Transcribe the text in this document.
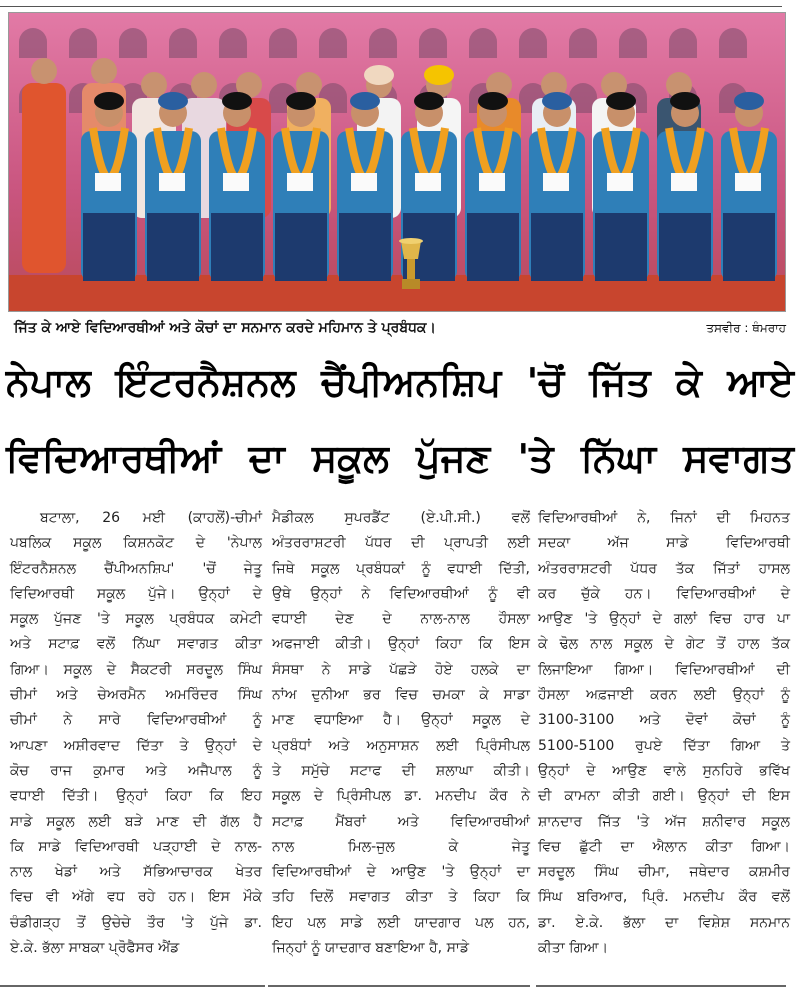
ਤਸਵੀਰ : ਥੰਮਰਾਹ
ਜਿੱਤ ਕੇ ਆਏ ਵਿਦਿਆਰਥੀਆਂ ਅਤੇ ਕੋਚਾਂ ਦਾ ਸਨਮਾਨ ਕਰਦੇ ਮਹਿਮਾਨ ਤੇ ਪ੍ਰਬੰਧਕ।
ਨੇਪਾਲ ਇੰਟਰਨੈਸ਼ਨਲ ਚੈਂਪੀਅਨਸ਼ਿਪ 'ਚੋਂ ਜਿੱਤ ਕੇ ਆਏ
ਵਿਦਿਆਰਥੀਆਂ ਦਾ ਸਕੂਲ ਪੁੱਜਣ 'ਤੇ ਨਿੱਘਾ ਸਵਾਗਤ
ਬਟਾਲਾ, 26 ਮਈ (ਕਾਹਲੋਂ)-ਚੀਮਾਂ
ਪਬਲਿਕ ਸਕੂਲ ਕਿਸ਼ਨਕੋਟ ਦੇ 'ਨੇਪਾਲ
ਇੰਟਰਨੈਸ਼ਨਲ ਚੈਂਪੀਅਨਸ਼ਿਪ' 'ਚੋਂ ਜੇਤੂ
ਵਿਦਿਆਰਥੀ ਸਕੂਲ ਪੁੱਜੇ। ਉਨ੍ਹਾਂ ਦੇ
ਸਕੂਲ ਪੁੱਜਣ 'ਤੇ ਸਕੂਲ ਪ੍ਰਬੰਧਕ ਕਮੇਟੀ
ਅਤੇ ਸਟਾਫ਼ ਵਲੋਂ ਨਿੱਘਾ ਸਵਾਗਤ ਕੀਤਾ
ਗਿਆ। ਸਕੂਲ ਦੇ ਸੈਕਟਰੀ ਸਰਦੂਲ ਸਿੰਘ
ਚੀਮਾਂ ਅਤੇ ਚੇਅਰਮੈਨ ਅਮਰਿੰਦਰ ਸਿੰਘ
ਚੀਮਾਂ ਨੇ ਸਾਰੇ ਵਿਦਿਆਰਥੀਆਂ ਨੂੰ
ਆਪਣਾ ਅਸ਼ੀਰਵਾਦ ਦਿੱਤਾ ਤੇ ਉਨ੍ਹਾਂ ਦੇ
ਕੋਚ ਰਾਜ ਕੁਮਾਰ ਅਤੇ ਅਜੈਪਾਲ ਨੂੰ
ਵਧਾਈ ਦਿੱਤੀ। ਉਨ੍ਹਾਂ ਕਿਹਾ ਕਿ ਇਹ
ਸਾਡੇ ਸਕੂਲ ਲਈ ਬੜੇ ਮਾਣ ਦੀ ਗੱਲ ਹੈ
ਕਿ ਸਾਡੇ ਵਿਦਿਆਰਥੀ ਪੜ੍ਹਾਈ ਦੇ ਨਾਲ-
ਨਾਲ ਖੇਡਾਂ ਅਤੇ ਸੱਭਿਆਚਾਰਕ ਖੇਤਰ
ਵਿਚ ਵੀ ਅੱਗੇ ਵਧ ਰਹੇ ਹਨ। ਇਸ ਮੌਕੇ
ਚੰਡੀਗੜ੍ਹ ਤੋਂ ਉਚੇਚੇ ਤੌਰ 'ਤੇ ਪੁੱਜੇ ਡਾ.
ਏ.ਕੇ. ਭੱਲਾ ਸਾਬਕਾ ਪ੍ਰੋਫੈਸਰ ਐਂਡ
ਮੈਡੀਕਲ ਸੁਪਰਡੈਂਟ (ਏ.ਪੀ.ਸੀ.) ਵਲੋਂ
ਅੰਤਰਰਾਸ਼ਟਰੀ ਪੱਧਰ ਦੀ ਪ੍ਰਾਪਤੀ ਲਈ
ਜਿਥੇ ਸਕੂਲ ਪ੍ਰਬੰਧਕਾਂ ਨੂੰ ਵਧਾਈ ਦਿੱਤੀ,
ਉਥੇ ਉਨ੍ਹਾਂ ਨੇ ਵਿਦਿਆਰਥੀਆਂ ਨੂੰ ਵੀ
ਵਧਾਈ ਦੇਣ ਦੇ ਨਾਲ-ਨਾਲ ਹੌਸਲਾ
ਅਫਜਾਈ ਕੀਤੀ। ਉਨ੍ਹਾਂ ਕਿਹਾ ਕਿ ਇਸ
ਸੰਸਥਾ ਨੇ ਸਾਡੇ ਪੱਛੜੇ ਹੋਏ ਹਲਕੇ ਦਾ
ਨਾਂਅ ਦੁਨੀਆ ਭਰ ਵਿਚ ਚਮਕਾ ਕੇ ਸਾਡਾ
ਮਾਣ ਵਧਾਇਆ ਹੈ। ਉਨ੍ਹਾਂ ਸਕੂਲ ਦੇ
ਪ੍ਰਬੰਧਾਂ ਅਤੇ ਅਨੁਸਾਸ਼ਨ ਲਈ ਪ੍ਰਿੰਸੀਪਲ
ਤੇ ਸਮੁੱਚੇ ਸਟਾਫ ਦੀ ਸ਼ਲਾਘਾ ਕੀਤੀ।
ਸਕੂਲ ਦੇ ਪ੍ਰਿੰਸੀਪਲ ਡਾ. ਮਨਦੀਪ ਕੌਰ ਨੇ
ਸਟਾਫ਼ ਮੈਂਬਰਾਂ ਅਤੇ ਵਿਦਿਆਰਥੀਆਂ
ਨਾਲ ਮਿਲ-ਜੁਲ ਕੇ ਜੇਤੂ
ਵਿਦਿਆਰਥੀਆਂ ਦੇ ਆਉਣ 'ਤੇ ਉਨ੍ਹਾਂ ਦਾ
ਤਹਿ ਦਿਲੋਂ ਸਵਾਗਤ ਕੀਤਾ ਤੇ ਕਿਹਾ ਕਿ
ਇਹ ਪਲ ਸਾਡੇ ਲਈ ਯਾਦਗਾਰ ਪਲ ਹਨ,
ਜਿਨ੍ਹਾਂ ਨੂੰ ਯਾਦਗਾਰ ਬਣਾਇਆ ਹੈ, ਸਾਡੇ
ਵਿਦਿਆਰਥੀਆਂ ਨੇ, ਜਿਨਾਂ ਦੀ ਮਿਹਨਤ
ਸਦਕਾ ਅੱਜ ਸਾਡੇ ਵਿਦਿਆਰਥੀ
ਅੰਤਰਰਾਸ਼ਟਰੀ ਪੱਧਰ ਤੱਕ ਜਿੱਤਾਂ ਹਾਸਲ
ਕਰ ਚੁੱਕੇ ਹਨ। ਵਿਦਿਆਰਥੀਆਂ ਦੇ
ਆਉਣ 'ਤੇ ਉਨ੍ਹਾਂ ਦੇ ਗਲਾਂ ਵਿਚ ਹਾਰ ਪਾ
ਕੇ ਢੋਲ ਨਾਲ ਸਕੂਲ ਦੇ ਗੇਟ ਤੋਂ ਹਾਲ ਤੱਕ
ਲਿਜਾਇਆ ਗਿਆ। ਵਿਦਿਆਰਥੀਆਂ ਦੀ
ਹੌਸਲਾ ਅਫ਼ਜਾਈ ਕਰਨ ਲਈ ਉਨ੍ਹਾਂ ਨੂੰ
3100-3100 ਅਤੇ ਦੋਵਾਂ ਕੋਚਾਂ ਨੂੰ
5100-5100 ਰੁਪਏ ਦਿੱਤਾ ਗਿਆ ਤੇ
ਉਨ੍ਹਾਂ ਦੇ ਆਉਣ ਵਾਲੇ ਸੁਨਹਿਰੇ ਭਵਿੱਖ
ਦੀ ਕਾਮਨਾ ਕੀਤੀ ਗਈ। ਉਨ੍ਹਾਂ ਦੀ ਇਸ
ਸ਼ਾਨਦਾਰ ਜਿੱਤ 'ਤੇ ਅੱਜ ਸ਼ਨੀਵਾਰ ਸਕੂਲ
ਵਿਚ ਛੁੱਟੀ ਦਾ ਐਲਾਨ ਕੀਤਾ ਗਿਆ।
ਸਰਦੂਲ ਸਿੰਘ ਚੀਮਾ, ਜਥੇਦਾਰ ਕਸ਼ਮੀਰ
ਸਿੰਘ ਬਰਿਆਰ, ਪ੍ਰਿੰ. ਮਨਦੀਪ ਕੌਰ ਵਲੋਂ
ਡਾ. ਏ.ਕੇ. ਭੱਲਾ ਦਾ ਵਿਸ਼ੇਸ਼ ਸਨਮਾਨ
ਕੀਤਾ ਗਿਆ।
